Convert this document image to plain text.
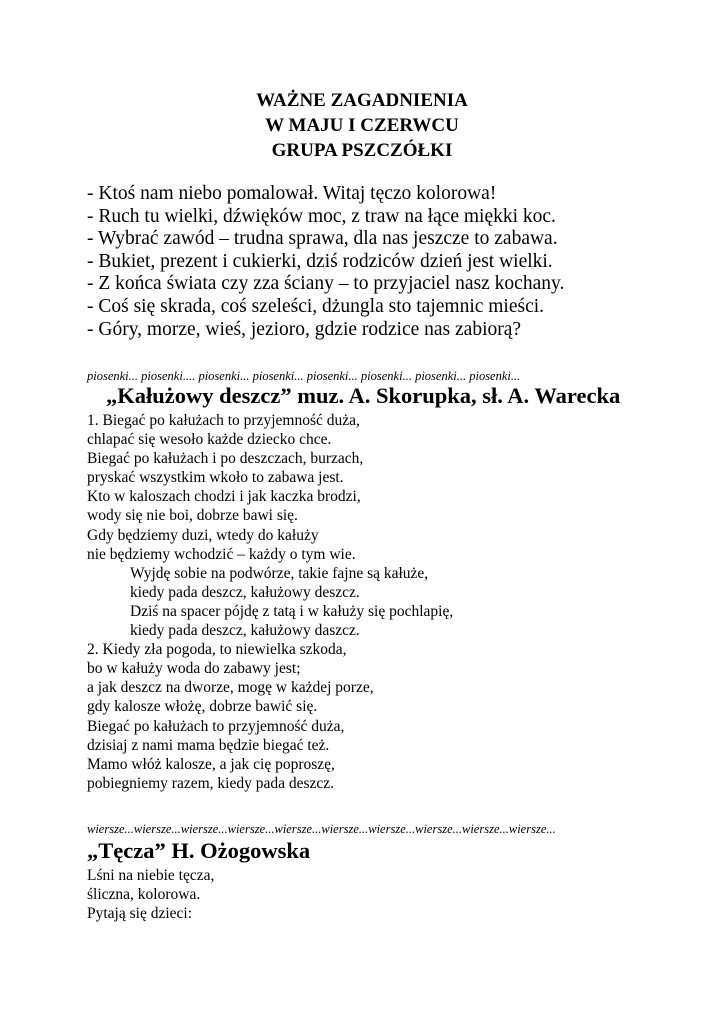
WAŻNE ZAGADNIENIA
W MAJU I CZERWCU
GRUPA PSZCZÓŁKI
- Ktoś nam niebo pomalował. Witaj tęczo kolorowa!
- Ruch tu wielki, dźwięków moc, z traw na łące miękki koc.
- Wybrać zawód – trudna sprawa, dla nas jeszcze to zabawa.
- Bukiet, prezent i cukierki, dziś rodziców dzień jest wielki.
- Z końca świata czy zza ściany – to przyjaciel nasz kochany.
- Coś się skrada, coś szeleści, dżungla sto tajemnic mieści.
- Góry, morze, wieś, jezioro, gdzie rodzice nas zabiorą?
piosenki... piosenki.... piosenki... piosenki... piosenki... piosenki... piosenki... piosenki...
„Kałużowy deszcz” muz. A. Skorupka, sł. A. Warecka
1. Biegać po kałużach to przyjemność duża,
chlapać się wesoło każde dziecko chce.
Biegać po kałużach i po deszczach, burzach,
pryskać wszystkim wkoło to zabawa jest.
Kto w kaloszach chodzi i jak kaczka brodzi,
wody się nie boi, dobrze bawi się.
Gdy będziemy duzi, wtedy do kałuży
nie będziemy wchodzić – każdy o tym wie.
Wyjdę sobie na podwórze, takie fajne są kałuże,
kiedy pada deszcz, kałużowy deszcz.
Dziś na spacer pójdę z tatą i w kałuży się pochlapię,
kiedy pada deszcz, kałużowy daszcz.
2. Kiedy zła pogoda, to niewielka szkoda,
bo w kałuży woda do zabawy jest;
a jak deszcz na dworze, mogę w każdej porze,
gdy kalosze włożę, dobrze bawić się.
Biegać po kałużach to przyjemność duża,
dzisiaj z nami mama będzie biegać też.
Mamo włóż kalosze, a jak cię poproszę,
pobiegniemy razem, kiedy pada deszcz.
wiersze...wiersze...wiersze...wiersze...wiersze...wiersze...wiersze...wiersze...wiersze...wiersze...
„Tęcza” H. Ożogowska
Lśni na niebie tęcza,
śliczna, kolorowa.
Pytają się dzieci:
